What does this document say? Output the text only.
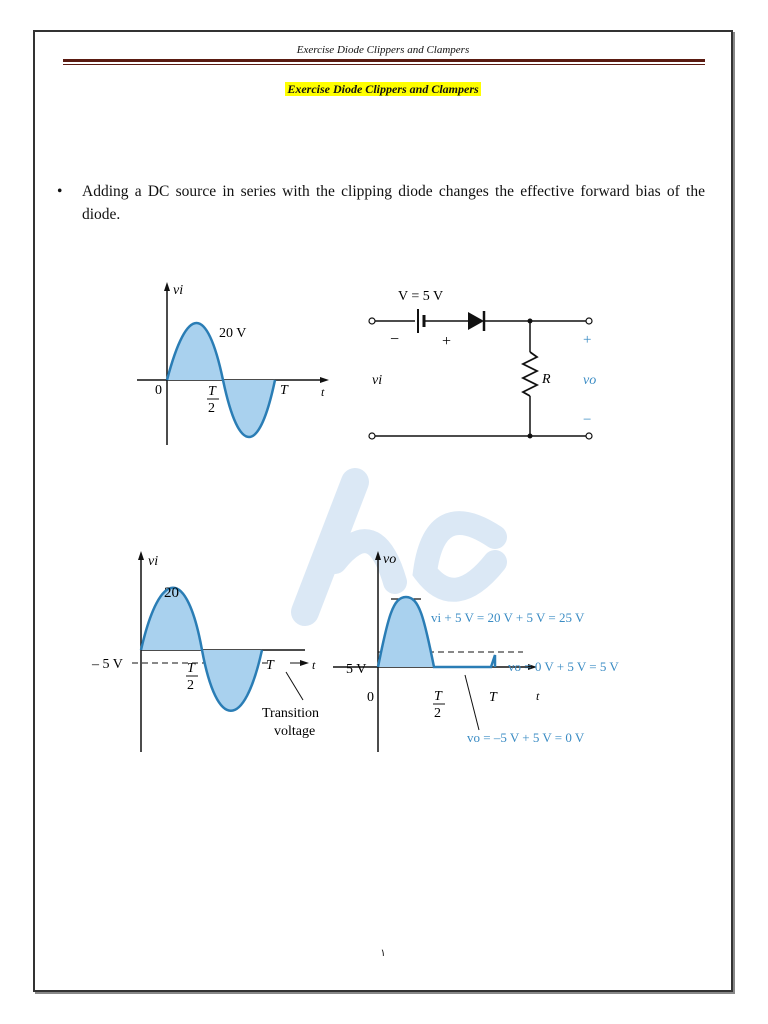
Exercise Diode Clippers and Clampers
Exercise Diode Clippers and Clampers
• Adding a DC source in series with the clipping diode changes the effective forward bias of the diode.
vi
20 V
0	T
2
T	t
V = 5 V
−	+
vi	R
+
vo
−
vi
20
– 5 V	T
2
T	t
Transition
voltage
vo
5 V
0	T
2
T	t
vi + 5 V = 20 V + 5 V = 25 V
vo = 0 V + 5 V = 5 V
vo = –5 V + 5 V = 0 V
١
